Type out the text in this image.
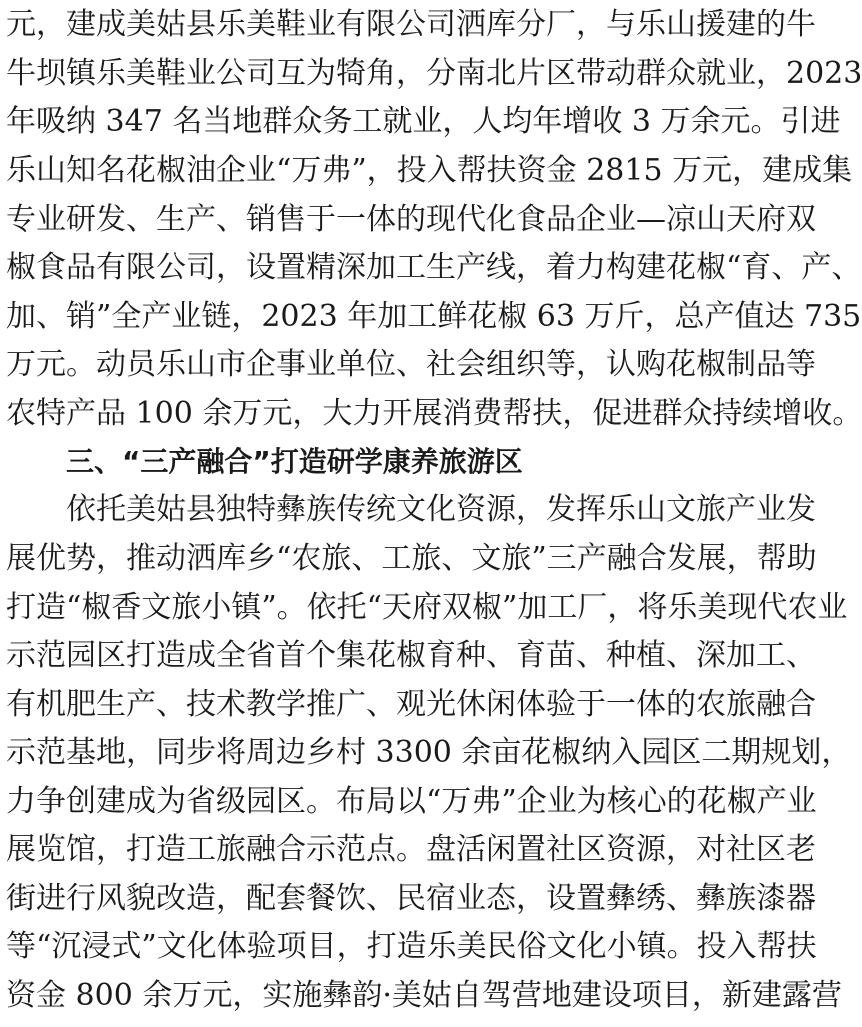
元，建成美姑县乐美鞋业有限公司洒库分厂，与乐山援建的牛
牛坝镇乐美鞋业公司互为犄角，分南北片区带动群众就业，2023
年吸纳 347 名当地群众务工就业，人均年增收 3 万余元。引进
乐山知名花椒油企业“万弗”，投入帮扶资金 2815 万元，建成集
专业研发、生产、销售于一体的现代化食品企业—凉山天府双
椒食品有限公司，设置精深加工生产线，着力构建花椒“育、产、
加、销”全产业链，2023 年加工鲜花椒 63 万斤，总产值达 735
万元。动员乐山市企事业单位、社会组织等，认购花椒制品等
农特产品 100 余万元，大力开展消费帮扶，促进群众持续增收。
三、“三产融合”打造研学康养旅游区
依托美姑县独特彝族传统文化资源，发挥乐山文旅产业发
展优势，推动洒库乡“农旅、工旅、文旅”三产融合发展，帮助
打造“椒香文旅小镇”。依托“天府双椒”加工厂，将乐美现代农业
示范园区打造成全省首个集花椒育种、育苗、种植、深加工、
有机肥生产、技术教学推广、观光休闲体验于一体的农旅融合
示范基地，同步将周边乡村 3300 余亩花椒纳入园区二期规划，
力争创建成为省级园区。布局以“万弗”企业为核心的花椒产业
展览馆，打造工旅融合示范点。盘活闲置社区资源，对社区老
街进行风貌改造，配套餐饮、民宿业态，设置彝绣、彝族漆器
等“沉浸式”文化体验项目，打造乐美民俗文化小镇。投入帮扶
资金 800 余万元，实施彝韵·美姑自驾营地建设项目，新建露营
